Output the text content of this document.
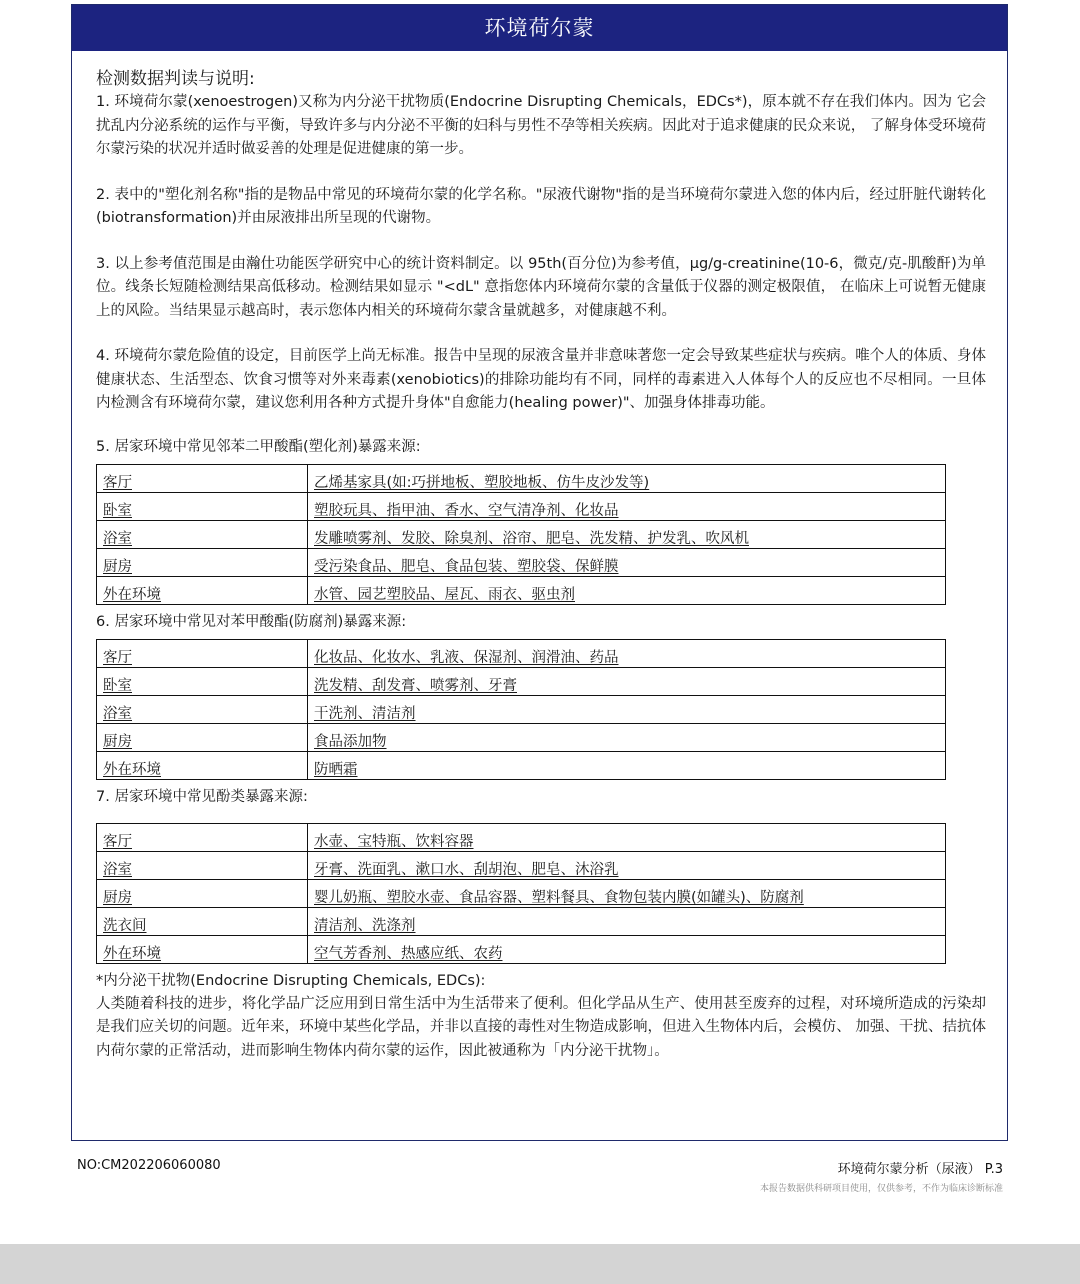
环境荷尔蒙

检测数据判读与说明:

1. 环境荷尔蒙(xenoestrogen)又称为内分泌干扰物质(Endocrine Disrupting Chemicals，EDCs*)，原本就不存在我们体内。因为 它会扰乱内分泌系统的运作与平衡，导致许多与内分泌不平衡的妇科与男性不孕等相关疾病。因此对于追求健康的民众来说， 了解身体受环境荷尔蒙污染的状况并适时做妥善的处理是促进健康的第一步。

2. 表中的"塑化剂名称"指的是物品中常见的环境荷尔蒙的化学名称。"尿液代谢物"指的是当环境荷尔蒙进入您的体内后，经过肝脏代谢转化(biotransformation)并由尿液排出所呈现的代谢物。

3. 以上参考值范围是由瀚仕功能医学研究中心的统计资料制定。以 95th(百分位)为参考值，μg/g-creatinine(10-6，微克/克-肌酸酐)为单位。线条长短随检测结果高低移动。检测结果如显示 "<dL" 意指您体内环境荷尔蒙的含量低于仪器的测定极限值， 在临床上可说暂无健康上的风险。当结果显示越高时，表示您体内相关的环境荷尔蒙含量就越多，对健康越不利。

4. 环境荷尔蒙危险值的设定，目前医学上尚无标准。报告中呈现的尿液含量并非意味著您一定会导致某些症状与疾病。唯个人的体质、身体健康状态、生活型态、饮食习惯等对外来毒素(xenobiotics)的排除功能均有不同，同样的毒素进入人体每个人的反应也不尽相同。一旦体内检测含有环境荷尔蒙，建议您利用各种方式提升身体"自愈能力(healing power)"、加强身体排毒功能。

5. 居家环境中常见邻苯二甲酸酯(塑化剂)暴露来源:

客厅	乙烯基家具(如:巧拼地板、塑胶地板、仿牛皮沙发等)
卧室	塑胶玩具、指甲油、香水、空气清净剂、化妆品
浴室	发雕喷雾剂、发胶、除臭剂、浴帘、肥皂、洗发精、护发乳、吹风机
厨房	受污染食品、肥皂、食品包装、塑胶袋、保鲜膜
外在环境	水管、园艺塑胶品、屋瓦、雨衣、驱虫剂

6. 居家环境中常见对苯甲酸酯(防腐剂)暴露来源:

客厅	化妆品、化妆水、乳液、保湿剂、润滑油、药品
卧室	洗发精、刮发膏、喷雾剂、牙膏
浴室	干洗剂、清洁剂
厨房	食品添加物
外在环境	防晒霜

7. 居家环境中常见酚类暴露来源:

客厅	水壶、宝特瓶、饮料容器
浴室	牙膏、洗面乳、漱口水、刮胡泡、肥皂、沐浴乳
厨房	婴儿奶瓶、塑胶水壶、食品容器、塑料餐具、食物包装内膜(如罐头)、防腐剂
洗衣间	清洁剂、洗涤剂
外在环境	空气芳香剂、热感应纸、农药

*内分泌干扰物(Endocrine Disrupting Chemicals, EDCs):

人类随着科技的进步，将化学品广泛应用到日常生活中为生活带来了便利。但化学品从生产、使用甚至废弃的过程，对环境所造成的污染却是我们应关切的问题。近年来，环境中某些化学品，并非以直接的毒性对生物造成影响，但进入生物体内后，会模仿、 加强、干扰、拮抗体内荷尔蒙的正常活动，进而影响生物体内荷尔蒙的运作，因此被通称为「内分泌干扰物」。

NO:CM202206060080	环境荷尔蒙分析（尿液） P.3
本报告数据供科研项目使用，仅供参考，不作为临床诊断标准
